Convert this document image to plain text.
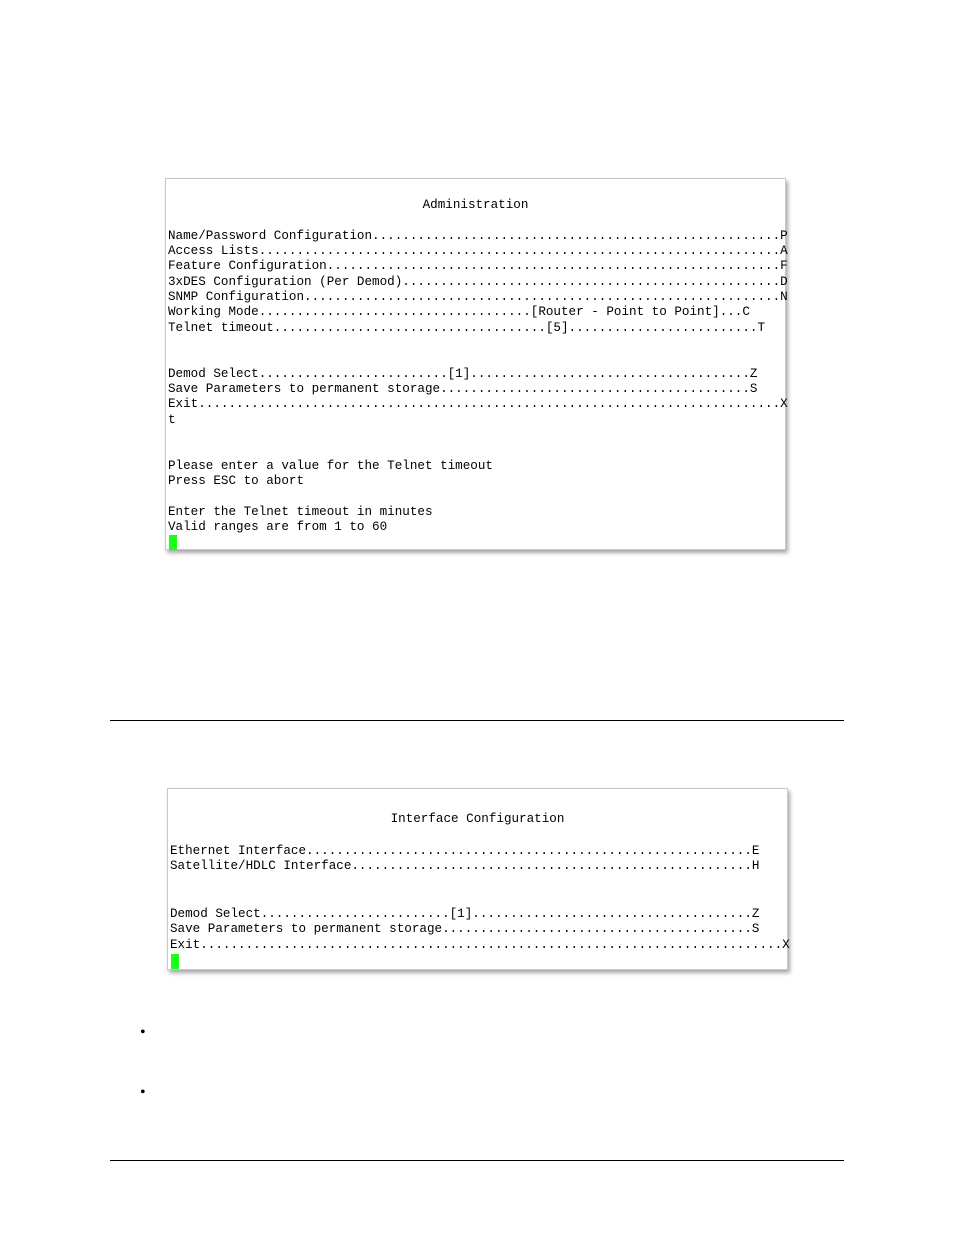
Administration
Name/Password Configuration......................................................P
Access Lists.....................................................................A
Feature Configuration............................................................F
3xDES Configuration (Per Demod)..................................................D
SNMP Configuration...............................................................N
Working Mode....................................[Router - Point to Point]...C
Telnet timeout....................................[5].........................T
Demod Select.........................[1].....................................Z
Save Parameters to permanent storage.........................................S
Exit.............................................................................X
t
Please enter a value for the Telnet timeout
Press ESC to abort
Enter the Telnet timeout in minutes
Valid ranges are from 1 to 60
Interface Configuration
Ethernet Interface...........................................................E
Satellite/HDLC Interface.....................................................H
Demod Select.........................[1].....................................Z
Save Parameters to permanent storage.........................................S
Exit.............................................................................X
•
•
